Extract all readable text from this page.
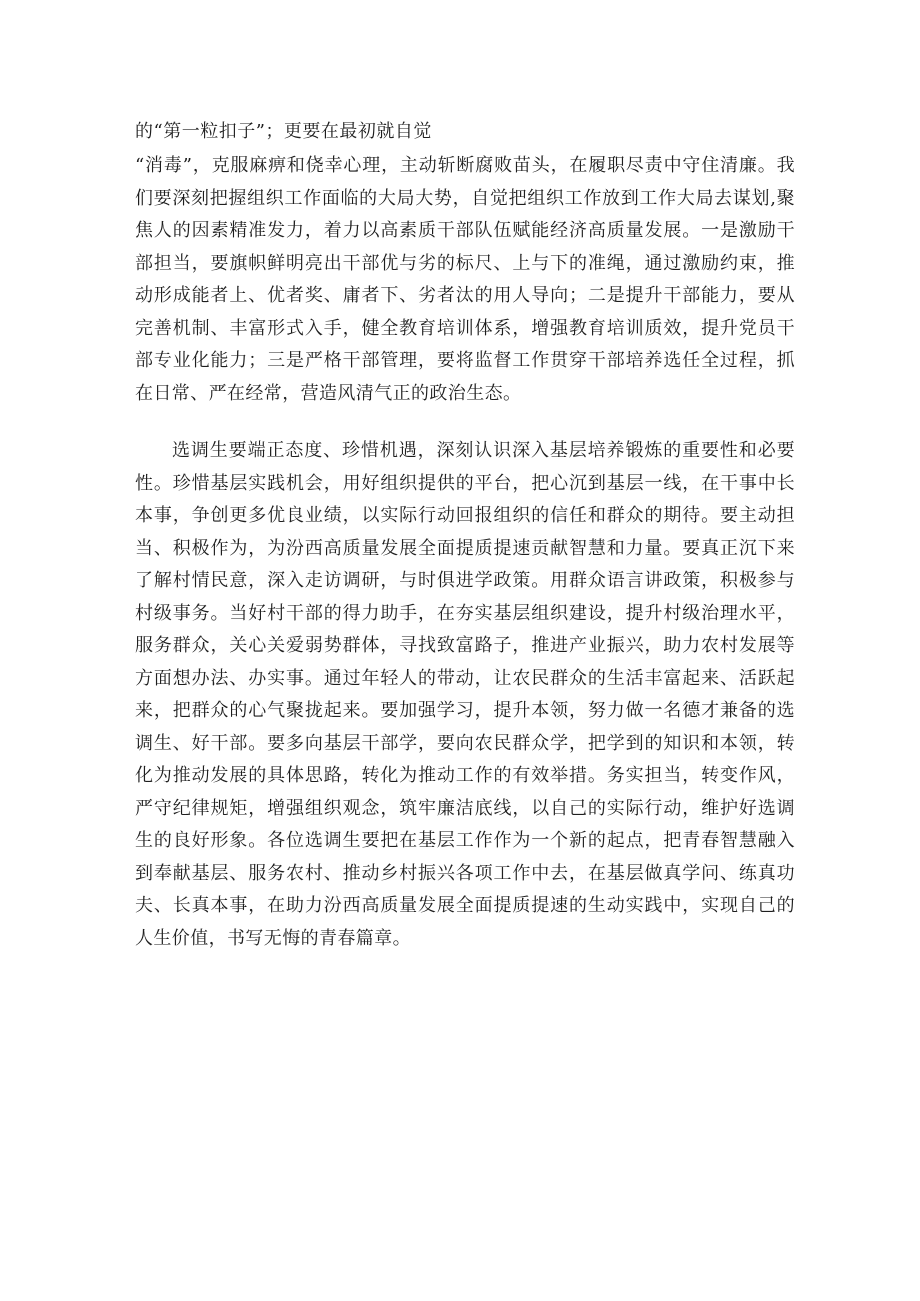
的“第一粒扣子”；更要在最初就自觉

“消毒”，克服麻痹和侥幸心理，主动斩断腐败苗头，在履职尽责中守住清廉。我们要深刻把握组织工作面临的大局大势，自觉把组织工作放到工作大局去谋划,聚焦人的因素精准发力，着力以高素质干部队伍赋能经济高质量发展。一是激励干部担当，要旗帜鲜明亮出干部优与劣的标尺、上与下的准绳，通过激励约束，推动形成能者上、优者奖、庸者下、劣者汰的用人导向；二是提升干部能力，要从完善机制、丰富形式入手，健全教育培训体系，增强教育培训质效，提升党员干部专业化能力；三是严格干部管理，要将监督工作贯穿干部培养选任全过程，抓在日常、严在经常，营造风清气正的政治生态。

选调生要端正态度、珍惜机遇，深刻认识深入基层培养锻炼的重要性和必要性。珍惜基层实践机会，用好组织提供的平台，把心沉到基层一线，在干事中长本事，争创更多优良业绩，以实际行动回报组织的信任和群众的期待。要主动担当、积极作为，为汾西高质量发展全面提质提速贡献智慧和力量。要真正沉下来了解村情民意，深入走访调研，与时俱进学政策。用群众语言讲政策，积极参与村级事务。当好村干部的得力助手，在夯实基层组织建设，提升村级治理水平，服务群众，关心关爱弱势群体，寻找致富路子，推进产业振兴，助力农村发展等方面想办法、办实事。通过年轻人的带动，让农民群众的生活丰富起来、活跃起来，把群众的心气聚拢起来。要加强学习，提升本领，努力做一名德才兼备的选调生、好干部。要多向基层干部学，要向农民群众学，把学到的知识和本领，转化为推动发展的具体思路，转化为推动工作的有效举措。务实担当，转变作风，严守纪律规矩，增强组织观念，筑牢廉洁底线，以自己的实际行动，维护好选调生的良好形象。各位选调生要把在基层工作作为一个新的起点，把青春智慧融入到奉献基层、服务农村、推动乡村振兴各项工作中去，在基层做真学问、练真功夫、长真本事，在助力汾西高质量发展全面提质提速的生动实践中，实现自己的人生价值，书写无悔的青春篇章。
